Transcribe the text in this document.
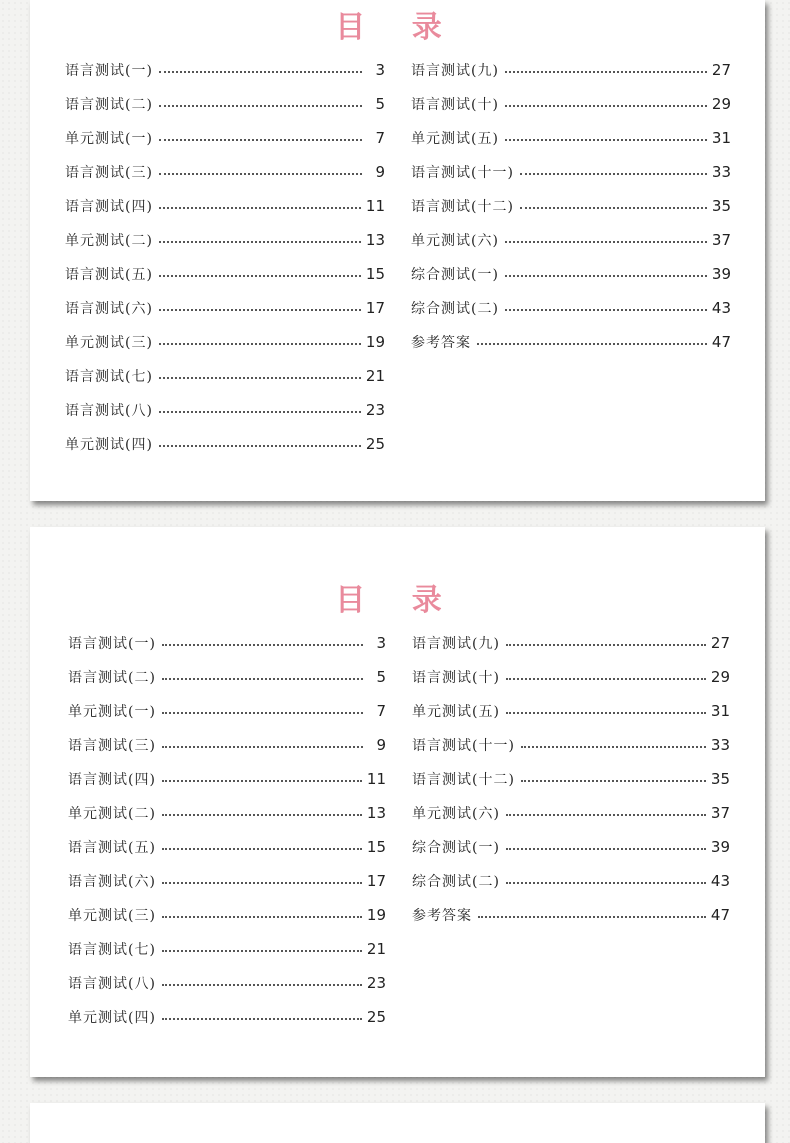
目 录
语言测试(一)	3
语言测试(二)	5
单元测试(一)	7
语言测试(三)	9
语言测试(四)	11
单元测试(二)	13
语言测试(五)	15
语言测试(六)	17
单元测试(三)	19
语言测试(七)	21
语言测试(八)	23
单元测试(四)	25
语言测试(九)	27
语言测试(十)	29
单元测试(五)	31
语言测试(十一)	33
语言测试(十二)	35
单元测试(六)	37
综合测试(一)	39
综合测试(二)	43
参考答案	47
目 录
语言测试(一)	3
语言测试(二)	5
单元测试(一)	7
语言测试(三)	9
语言测试(四)	11
单元测试(二)	13
语言测试(五)	15
语言测试(六)	17
单元测试(三)	19
语言测试(七)	21
语言测试(八)	23
单元测试(四)	25
语言测试(九)	27
语言测试(十)	29
单元测试(五)	31
语言测试(十一)	33
语言测试(十二)	35
单元测试(六)	37
综合测试(一)	39
综合测试(二)	43
参考答案	47
